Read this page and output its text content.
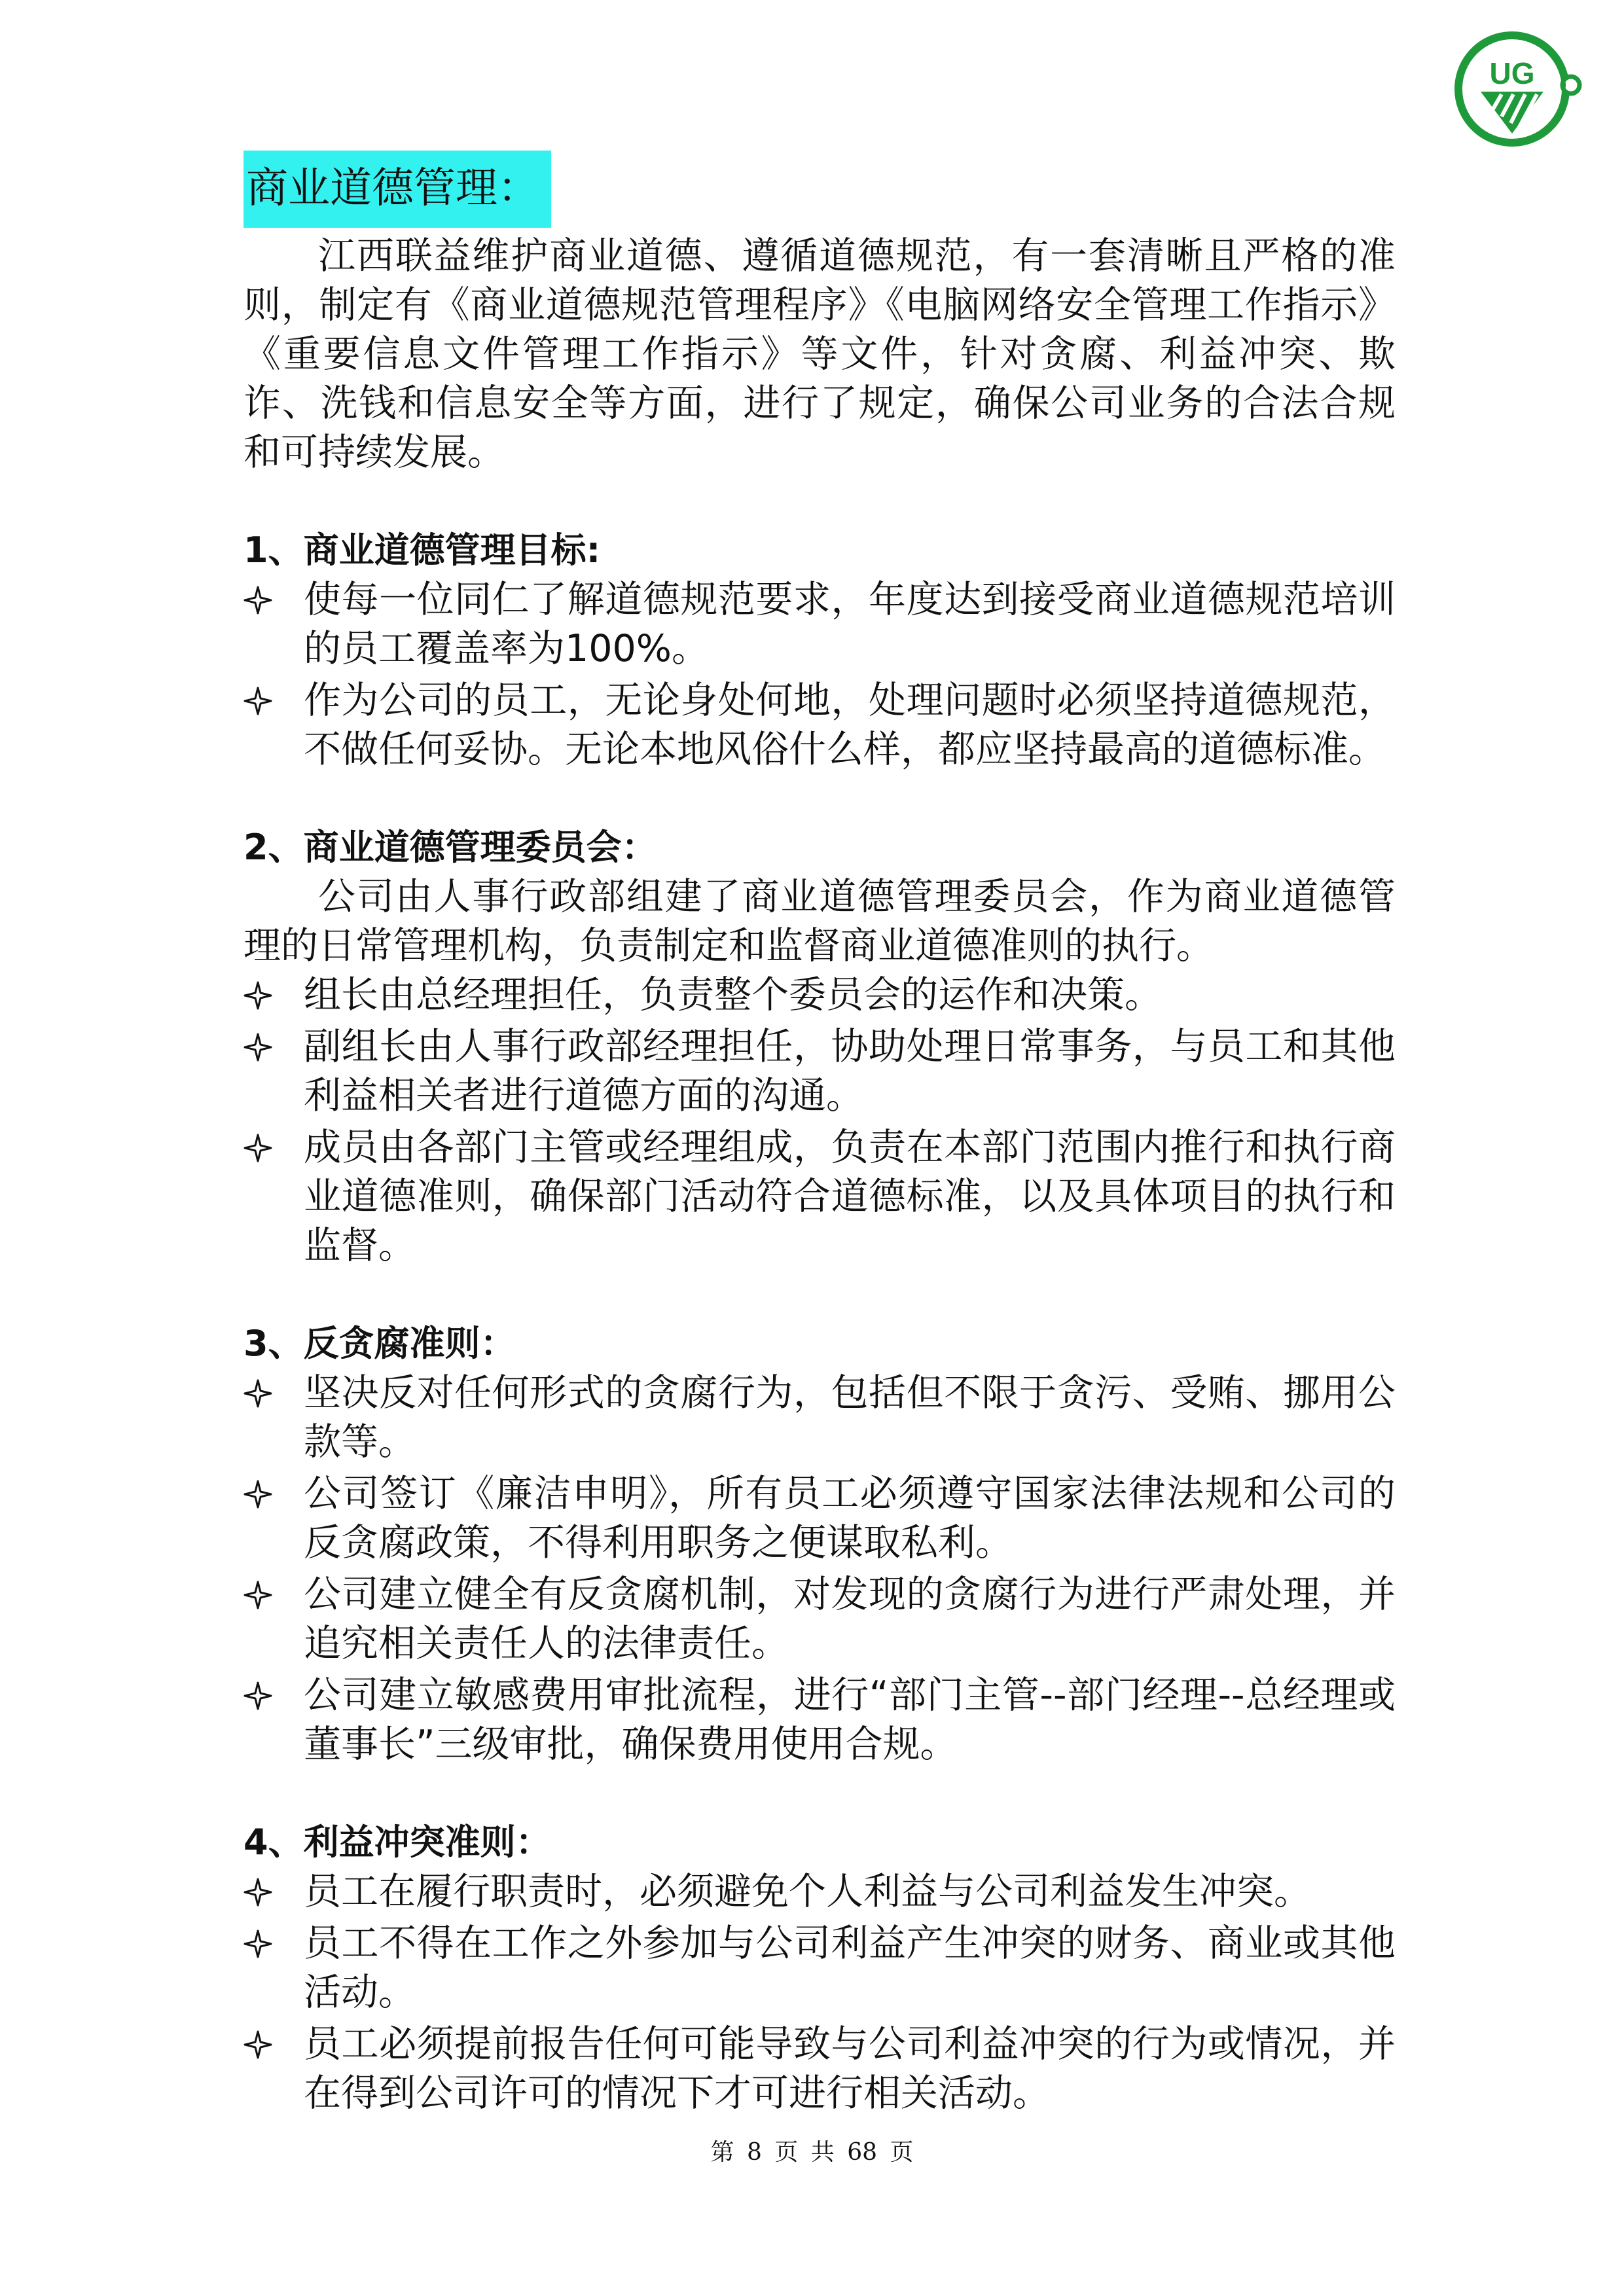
UG
商业道德管理：

江西联益维护商业道德、遵循道德规范，有一套清晰且严格的准则，制定有《商业道德规范管理程序》《电脑网络安全管理工作指示》《重要信息文件管理工作指示》等文件，针对贪腐、利益冲突、欺诈、洗钱和信息安全等方面，进行了规定，确保公司业务的合法合规和可持续发展。

1、商业道德管理目标:

使每一位同仁了解道德规范要求，年度达到接受商业道德规范培训的员工覆盖率为100%。
作为公司的员工，无论身处何地，处理问题时必须坚持道德规范，不做任何妥协。无论本地风俗什么样，都应坚持最高的道德标准。

2、商业道德管理委员会：

公司由人事行政部组建了商业道德管理委员会，作为商业道德管理的日常管理机构，负责制定和监督商业道德准则的执行。

组长由总经理担任，负责整个委员会的运作和决策。
副组长由人事行政部经理担任，协助处理日常事务，与员工和其他利益相关者进行道德方面的沟通。
成员由各部门主管或经理组成，负责在本部门范围内推行和执行商业道德准则，确保部门活动符合道德标准，以及具体项目的执行和监督。

3、反贪腐准则：

坚决反对任何形式的贪腐行为，包括但不限于贪污、受贿、挪用公款等。
公司签订《廉洁申明》，所有员工必须遵守国家法律法规和公司的反贪腐政策，不得利用职务之便谋取私利。
公司建立健全有反贪腐机制，对发现的贪腐行为进行严肃处理，并追究相关责任人的法律责任。
公司建立敏感费用审批流程，进行“部门主管--部门经理--总经理或董事长”三级审批，确保费用使用合规。

4、利益冲突准则：

员工在履行职责时，必须避免个人利益与公司利益发生冲突。
员工不得在工作之外参加与公司利益产生冲突的财务、商业或其他活动。
员工必须提前报告任何可能导致与公司利益冲突的行为或情况，并在得到公司许可的情况下才可进行相关活动。
第 8 页 共 68 页
